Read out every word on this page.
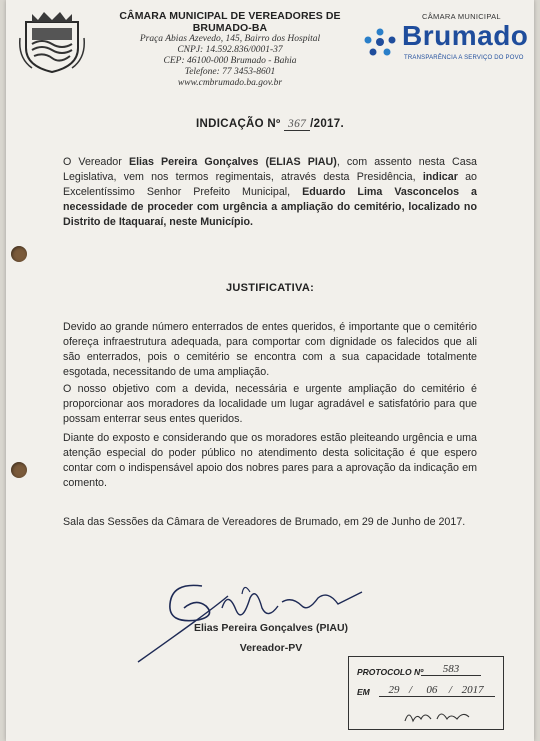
CÂMARA MUNICIPAL DE VEREADORES DE BRUMADO-BA
Praça Abias Azevedo, 145, Bairro dos Hospital
CNPJ: 14.592.836/0001-37
CEP: 46100-000 Brumado - Bahia
Telefone: 77 3453-8601
www.cmbrumado.ba.gov.br
CÂMARA MUNICIPAL
Brumado
TRANSPARÊNCIA A SERVIÇO DO POVO
INDICAÇÃO Nº 367 /2017.
O Vereador Elias Pereira Gonçalves (ELIAS PIAU), com assento nesta Casa Legislativa, vem nos termos regimentais, através desta Presidência, indicar ao Excelentíssimo Senhor Prefeito Municipal, Eduardo Lima Vasconcelos a necessidade de proceder com urgência a ampliação do cemitério, localizado no Distrito de Itaquaraí, neste Município.
JUSTIFICATIVA:
Devido ao grande número enterrados de entes queridos, é importante que o cemitério ofereça infraestrutura adequada, para comportar com dignidade os falecidos que ali são enterrados, pois o cemitério se encontra com a sua capacidade totalmente esgotada, necessitando de uma ampliação.
O nosso objetivo com a devida, necessária e urgente ampliação do cemitério é proporcionar aos moradores da localidade um lugar agradável e satisfatório para que possam enterrar seus entes queridos.
Diante do exposto e considerando que os moradores estão pleiteando urgência e uma atenção especial do poder público no atendimento desta solicitação é que espero contar com o indispensável apoio dos nobres pares para a aprovação da indicação em comento.
Sala das Sessões da Câmara de Vereadores de Brumado, em 29 de Junho de 2017.
Elias Pereira Gonçalves (PIAU)
Vereador-PV
PROTOCOLO Nº	583
EM	29 / 06 / 2017
